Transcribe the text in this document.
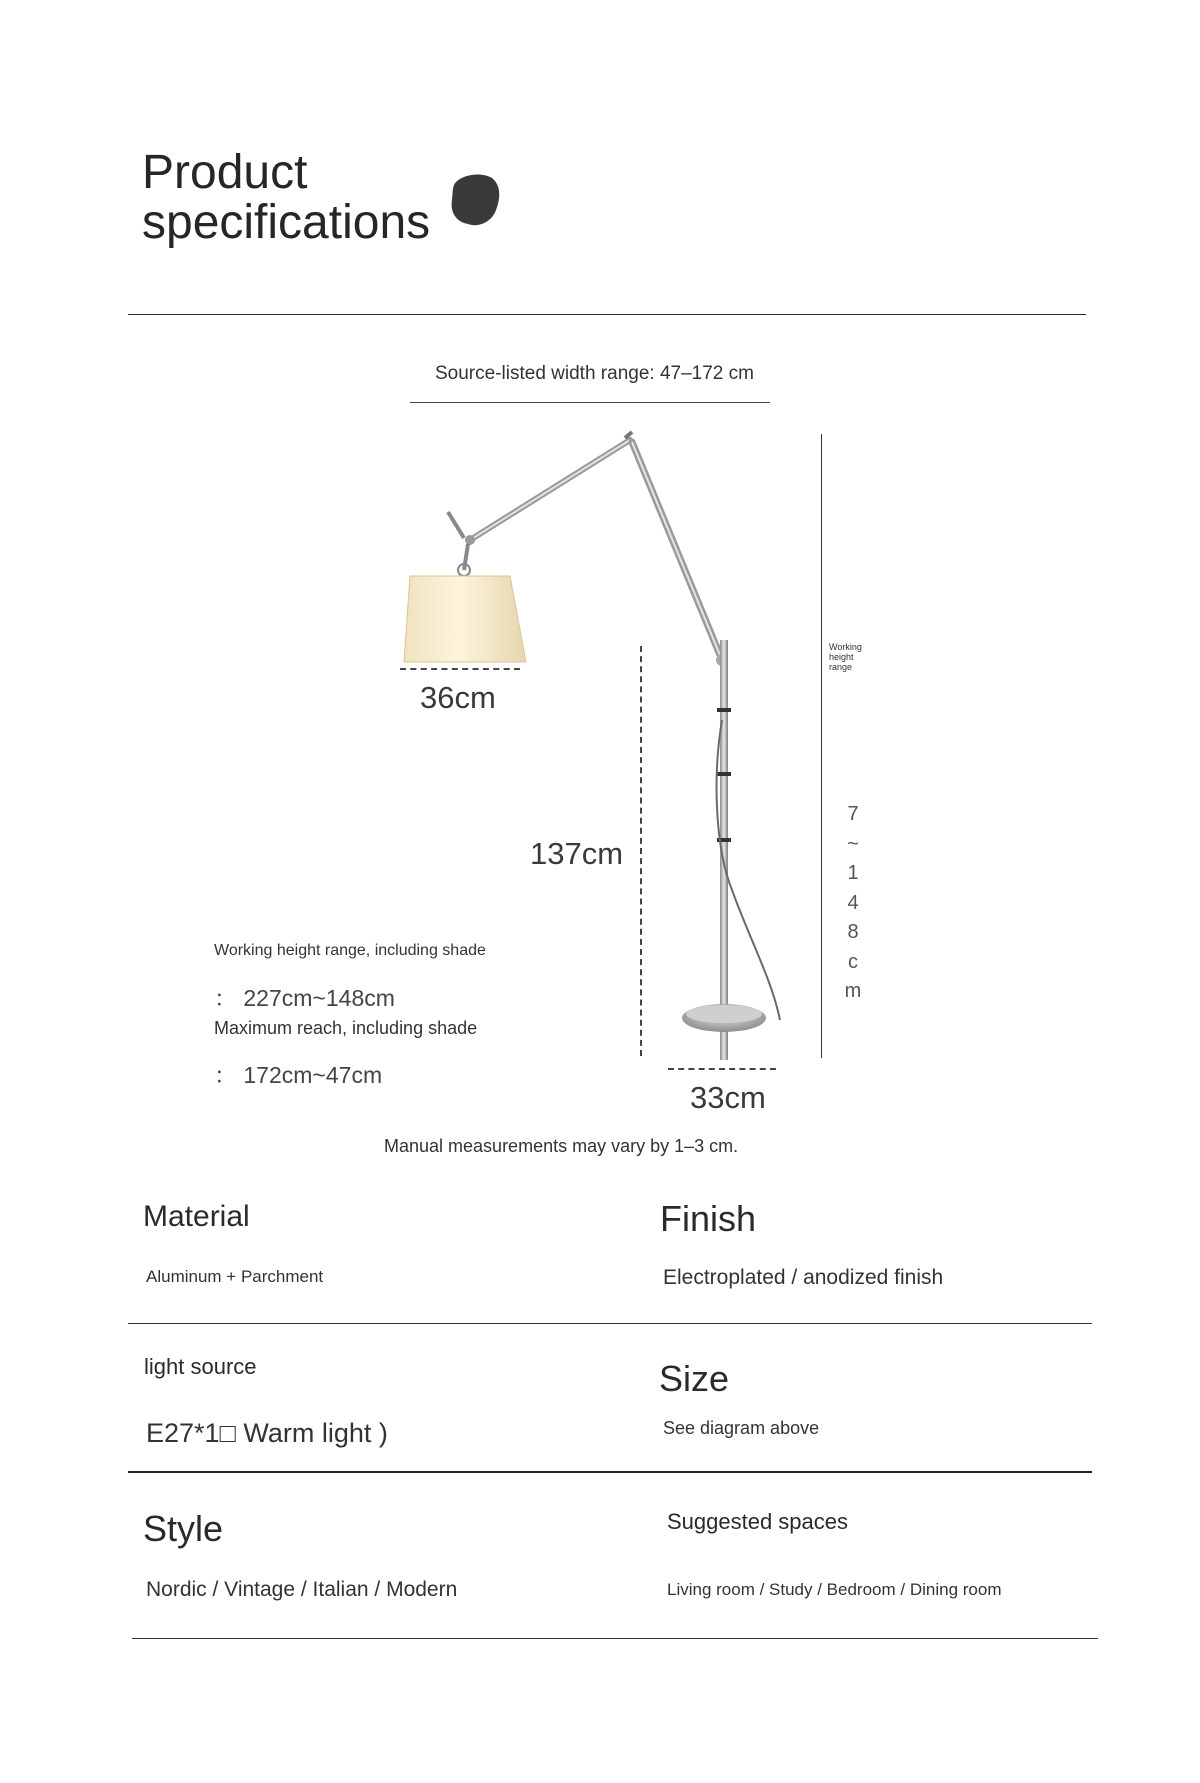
Product
specifications
Source-listed width range: 47–172 cm
36cm
137cm
33cm
Working height range
7
~
1
4
8
c
m
Working height range, including shade
： 227cm~148cm
Maximum reach, including shade
： 172cm~47cm
Manual measurements may vary by 1–3 cm.
Material
Aluminum + Parchment
Finish
Electroplated / anodized finish
light source
E27*1□ Warm light )
Size
See diagram above
Style
Nordic / Vintage / Italian / Modern
Suggested spaces
Living room / Study / Bedroom / Dining room
